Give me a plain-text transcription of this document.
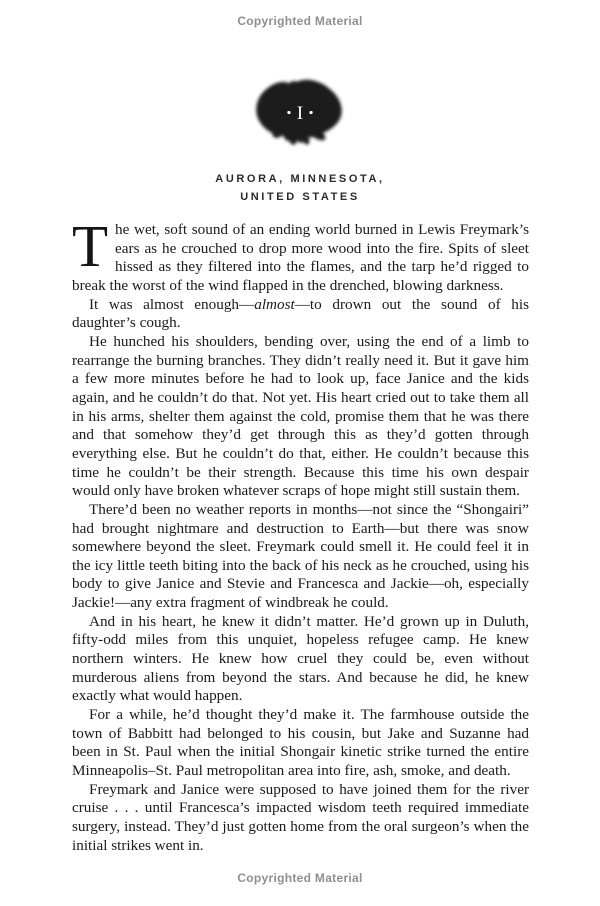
Copyrighted Material
I
AURORA, MINNESOTA,
UNITED STATES

The wet, soft sound of an ending world burned in Lewis Freymark’s ears as he crouched to drop more wood into the fire. Spits of sleet hissed as they filtered into the flames, and the tarp he’d rigged to break the worst of the wind flapped in the drenched, blowing darkness.

It was almost enough—almost—to drown out the sound of his daughter’s cough.

He hunched his shoulders, bending over, using the end of a limb to rearrange the burning branches. They didn’t really need it. But it gave him a few more minutes before he had to look up, face Janice and the kids again, and he couldn’t do that. Not yet. His heart cried out to take them all in his arms, shelter them against the cold, promise them that he was there and that somehow they’d get through this as they’d gotten through everything else. But he couldn’t do that, either. He couldn’t because this time he couldn’t be their strength. Because this time his own despair would only have broken whatever scraps of hope might still sustain them.

There’d been no weather reports in months—not since the “Shongairi” had brought nightmare and destruction to Earth—but there was snow somewhere beyond the sleet. Freymark could smell it. He could feel it in the icy little teeth biting into the back of his neck as he crouched, using his body to give Janice and Stevie and Francesca and Jackie—oh, especially Jackie!—any extra fragment of windbreak he could.

And in his heart, he knew it didn’t matter. He’d grown up in Duluth, fifty-odd miles from this unquiet, hopeless refugee camp. He knew northern winters. He knew how cruel they could be, even without murderous aliens from beyond the stars. And because he did, he knew exactly what would happen.

For a while, he’d thought they’d make it. The farmhouse outside the town of Babbitt had belonged to his cousin, but Jake and Suzanne had been in St. Paul when the initial Shongair kinetic strike turned the entire Minneapolis–St. Paul metropolitan area into fire, ash, smoke, and death.

Freymark and Janice were supposed to have joined them for the river cruise . . . until Francesca’s impacted wisdom teeth required immediate surgery, instead. They’d just gotten home from the oral surgeon’s when the initial strikes went in.

Copyrighted Material
